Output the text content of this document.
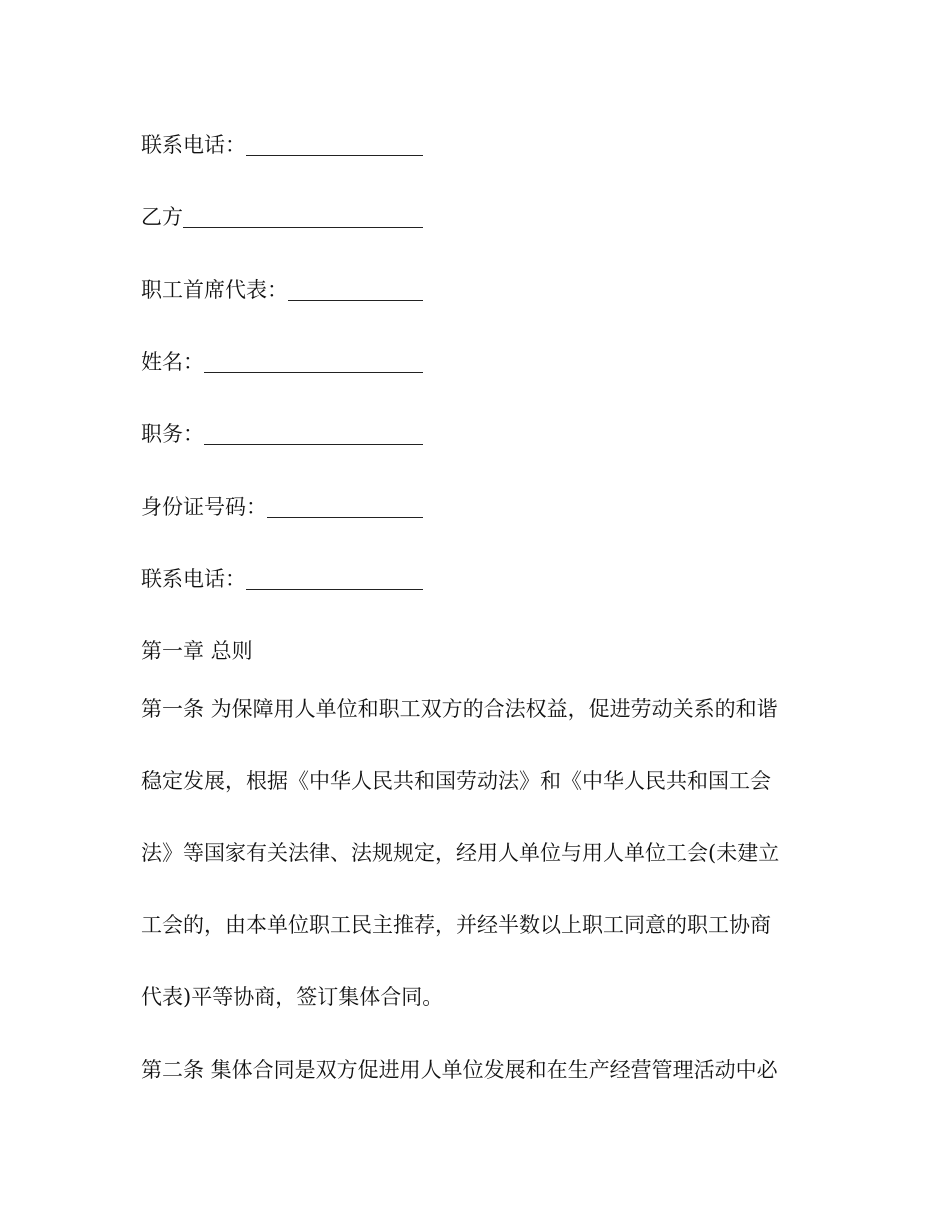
联系电话：
乙方
职工首席代表：
姓名：
职务：
身份证号码：
联系电话：
第一章 总则
第一条 为保障用人单位和职工双方的合法权益，促进劳动关系的和谐
稳定发展，根据《中华人民共和国劳动法》和《中华人民共和国工会
法》等国家有关法律、法规规定，经用人单位与用人单位工会(未建立
工会的，由本单位职工民主推荐，并经半数以上职工同意的职工协商
代表)平等协商，签订集体合同。
第二条 集体合同是双方促进用人单位发展和在生产经营管理活动中必
